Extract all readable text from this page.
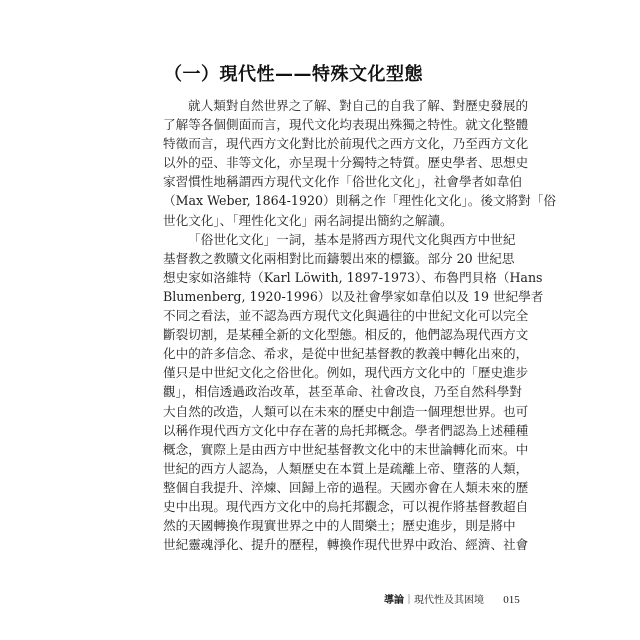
（一）現代性——特殊文化型態
就人類對自然世界之了解、對自己的自我了解、對歷史發展的
了解等各個側面而言，現代文化均表現出殊獨之特性。就文化整體
特徵而言，現代西方文化對比於前現代之西方文化，乃至西方文化
以外的亞、非等文化，亦呈現十分獨特之特質。歷史學者、思想史
家習慣性地稱謂西方現代文化作「俗世化文化」，社會學者如韋伯
（Max Weber, 1864-1920）則稱之作「理性化文化」。後文將對「俗
世化文化」、「理性化文化」兩名詞提出簡約之解讀。
「俗世化文化」一詞，基本是將西方現代文化與西方中世紀
基督教之教贖文化兩相對比而鑄製出來的標籤。部分 20 世紀思
想史家如洛維特（Karl Löwith, 1897-1973）、布魯門貝格（Hans
Blumenberg, 1920-1996）以及社會學家如韋伯以及 19 世紀學者
不同之看法，並不認為西方現代文化與過往的中世紀文化可以完全
斷裂切割，是某種全新的文化型態。相反的，他們認為現代西方文
化中的許多信念、希求，是從中世紀基督教的教義中轉化出來的，
僅只是中世紀文化之俗世化。例如，現代西方文化中的「歷史進步
觀」，相信透過政治改革，甚至革命、社會改良，乃至自然科學對
大自然的改造，人類可以在未來的歷史中創造一個理想世界。也可
以稱作現代西方文化中存在著的烏托邦概念。學者們認為上述種種
概念，實際上是由西方中世紀基督教文化中的末世論轉化而來。中
世紀的西方人認為，人類歷史在本質上是疏離上帝、墮落的人類，
整個自我提升、淬煉、回歸上帝的過程。天國亦會在人類未來的歷
史中出現。現代西方文化中的烏托邦觀念，可以視作將基督教超自
然的天國轉換作現實世界之中的人間樂土；歷史進步，則是將中
世紀靈魂淨化、提升的歷程，轉換作現代世界中政治、經濟、社會
導論｜現代性及其困境 015
